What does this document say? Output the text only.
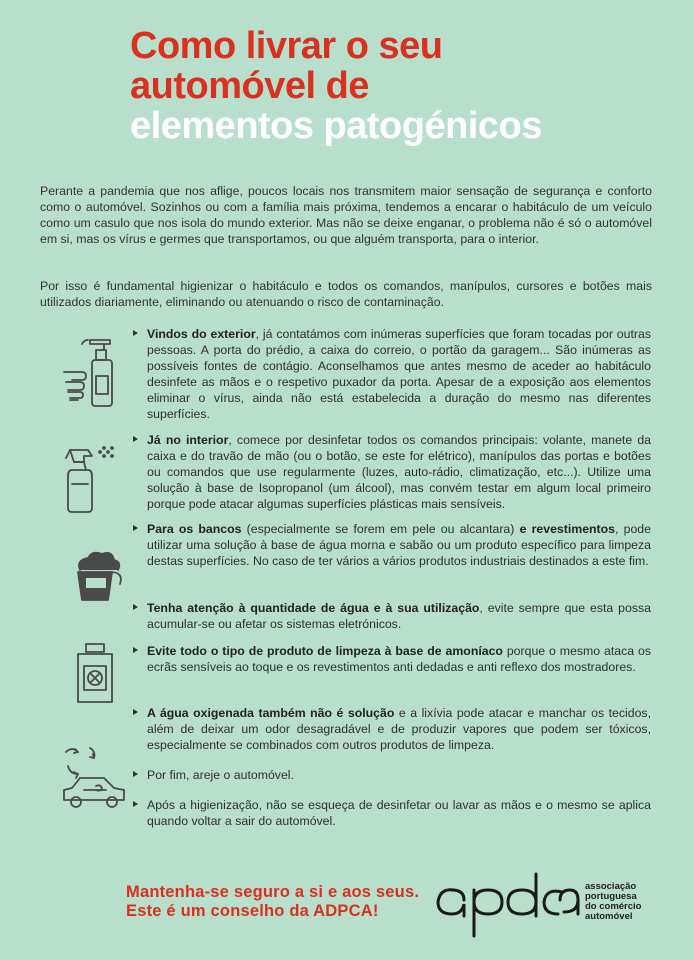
Como livrar o seu
automóvel de
elementos patogénicos

Perante a pandemia que nos aflige, poucos locais nos transmitem maior sensação de segurança e conforto como o automóvel. Sozinhos ou com a família mais próxima, tendemos a encarar o habitáculo de um veículo como um casulo que nos isola do mundo exterior. Mas não se deixe enganar, o problema não é só o automóvel em si, mas os vírus e germes que transportamos, ou que alguém transporta, para o interior.

Por isso é fundamental higienizar o habitáculo e todos os comandos, manípulos, cursores e botões mais utilizados diariamente, eliminando ou atenuando o risco de contaminação.

Vindos do exterior, já contatámos com inúmeras superfícies que foram tocadas por outras pessoas. A porta do prédio, a caixa do correio, o portão da garagem... São inúmeras as possíveis fontes de contágio. Aconselhamos que antes mesmo de aceder ao habitáculo desinfete as mãos e o respetivo puxador da porta. Apesar de a exposição aos elementos eliminar o vírus, ainda não está estabelecida a duração do mesmo nas diferentes superfícies.
Já no interior, comece por desinfetar todos os comandos principais: volante, manete da caixa e do travão de mão (ou o botão, se este for elétrico), manípulos das portas e botões ou comandos que use regularmente (luzes, auto-rádio, climatização, etc...). Utilize uma solução à base de Isopropanol (um álcool), mas convém testar em algum local primeiro porque pode atacar algumas superfícies plásticas mais sensíveis.
Para os bancos (especialmente se forem em pele ou alcantara) e revestimentos, pode utilizar uma solução à base de água morna e sabão ou um produto específico para limpeza destas superfícies. No caso de ter vários a vários produtos industriais destinados a este fim.
Tenha atenção à quantidade de água e à sua utilização, evite sempre que esta possa acumular-se ou afetar os sistemas eletrónicos.
Evite todo o tipo de produto de limpeza à base de amoníaco porque o mesmo ataca os ecrãs sensíveis ao toque e os revestimentos anti dedadas e anti reflexo dos mostradores.
A água oxigenada também não é solução e a lixívia pode atacar e manchar os tecidos, além de deixar um odor desagradável e de produzir vapores que podem ser tóxicos, especialmente se combinados com outros produtos de limpeza.
Por fim, areje o automóvel.
Após a higienização, não se esqueça de desinfetar ou lavar as mãos e o mesmo se aplica quando voltar a sair do automóvel.
Mantenha-se seguro a si e aos seus.
Este é um conselho da ADPCA!
associação
portuguesa
do comércio
automóvel
